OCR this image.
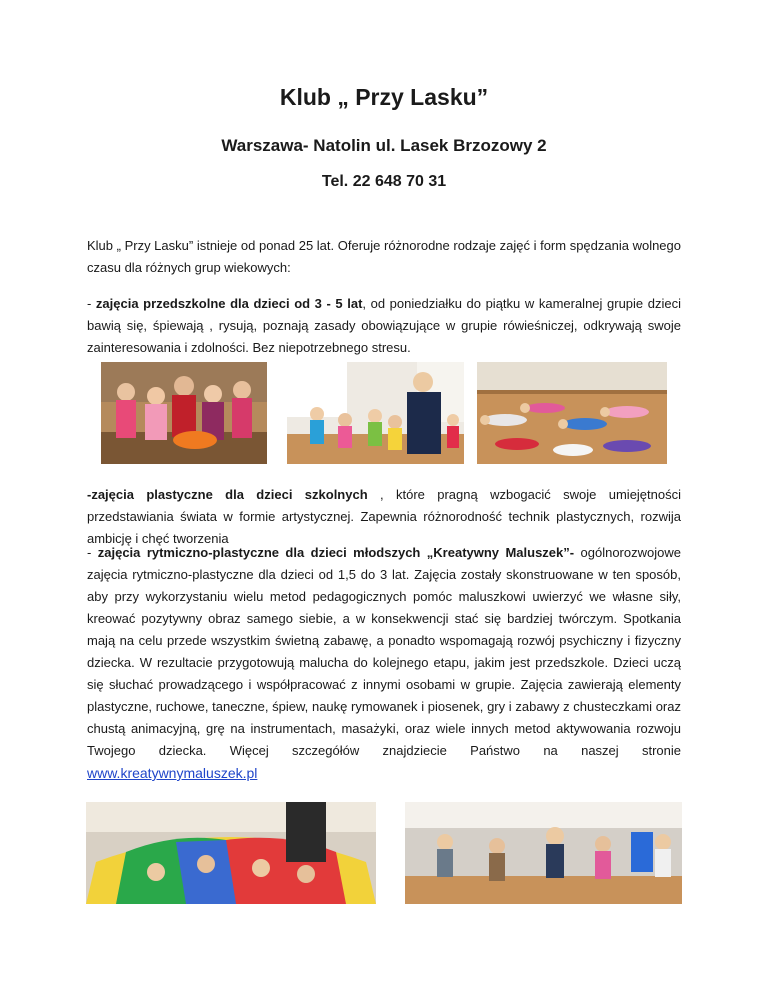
Klub „ Przy Lasku”
Warszawa- Natolin ul. Lasek Brzozowy 2
Tel. 22 648 70 31

Klub „ Przy Lasku” istnieje od ponad 25 lat. Oferuje różnorodne rodzaje zajęć i form spędzania wolnego czasu dla różnych grup wiekowych:

- zajęcia przedszkolne dla dzieci od 3 - 5 lat, od poniedziałku do piątku w kameralnej grupie dzieci bawią się, śpiewają , rysują, poznają zasady obowiązujące w grupie rówieśniczej, odkrywają swoje zainteresowania i zdolności. Bez niepotrzebnego stresu.

-zajęcia plastyczne dla dzieci szkolnych , które pragną wzbogacić swoje umiejętności przedstawiania świata w formie artystycznej. Zapewnia różnorodność technik plastycznych, rozwija ambicję i chęć tworzenia

- zajęcia rytmiczno-plastyczne dla dzieci młodszych „Kreatywny Maluszek”- ogólnorozwojowe zajęcia rytmiczno-plastyczne dla dzieci od 1,5 do 3 lat. Zajęcia zostały skonstruowane w ten sposób, aby przy wykorzystaniu wielu metod pedagogicznych pomóc maluszkowi uwierzyć we własne siły, kreować pozytywny obraz samego siebie, a w konsekwencji stać się bardziej twórczym. Spotkania mają na celu przede wszystkim świetną zabawę, a ponadto wspomagają rozwój psychiczny i fizyczny dziecka. W rezultacie przygotowują malucha do kolejnego etapu, jakim jest przedszkole. Dzieci uczą się słuchać prowadzącego i współpracować z innymi osobami w grupie. Zajęcia zawierają elementy plastyczne, ruchowe, taneczne, śpiew, naukę rymowanek i piosenek, gry i zabawy z chusteczkami oraz chustą animacyjną, grę na instrumentach, masażyki, oraz wiele innych metod aktywowania rozwoju Twojego dziecka. Więcej szczegółów znajdziecie Państwo na naszej stronie www.kreatywnymaluszek.pl
